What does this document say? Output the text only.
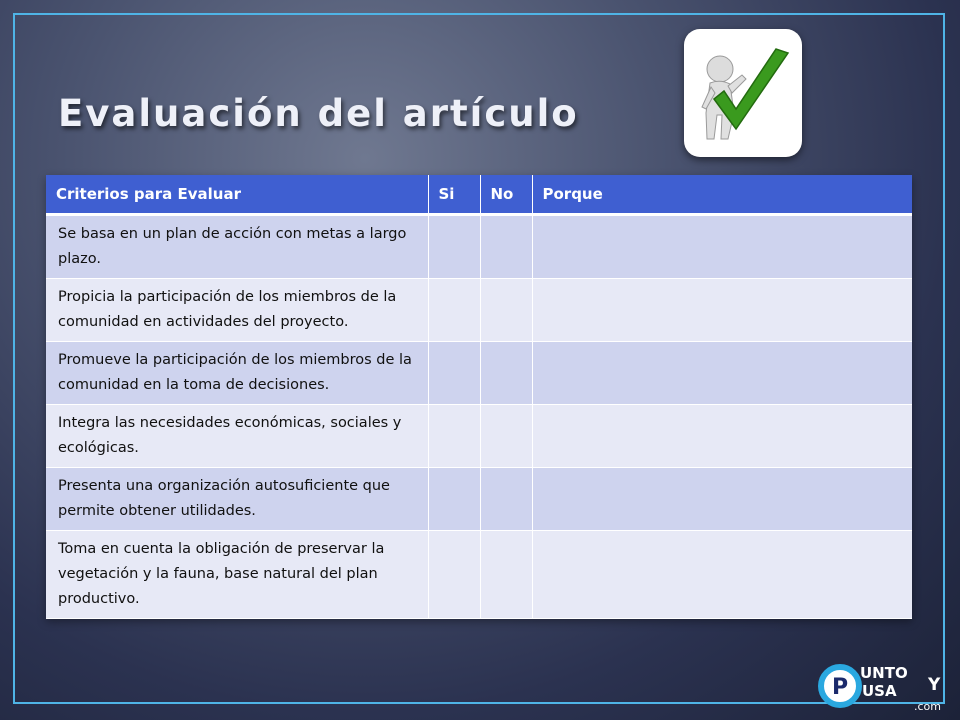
Evaluación del artículo
Criterios para Evaluar	Si	No	Porque
Se basa en un plan de acción con metas a largo plazo.			
Propicia la participación de los miembros de la comunidad en actividades del proyecto.			
Promueve la participación de los miembros de la comunidad en la toma de decisiones.			
Integra las necesidades económicas, sociales y ecológicas.			
Presenta una organización autosuficiente que permite obtener utilidades.			
Toma en cuenta la obligación de preservar la vegetación y la fauna, base natural del plan productivo.			
P
UNTO
USA Y
.com
